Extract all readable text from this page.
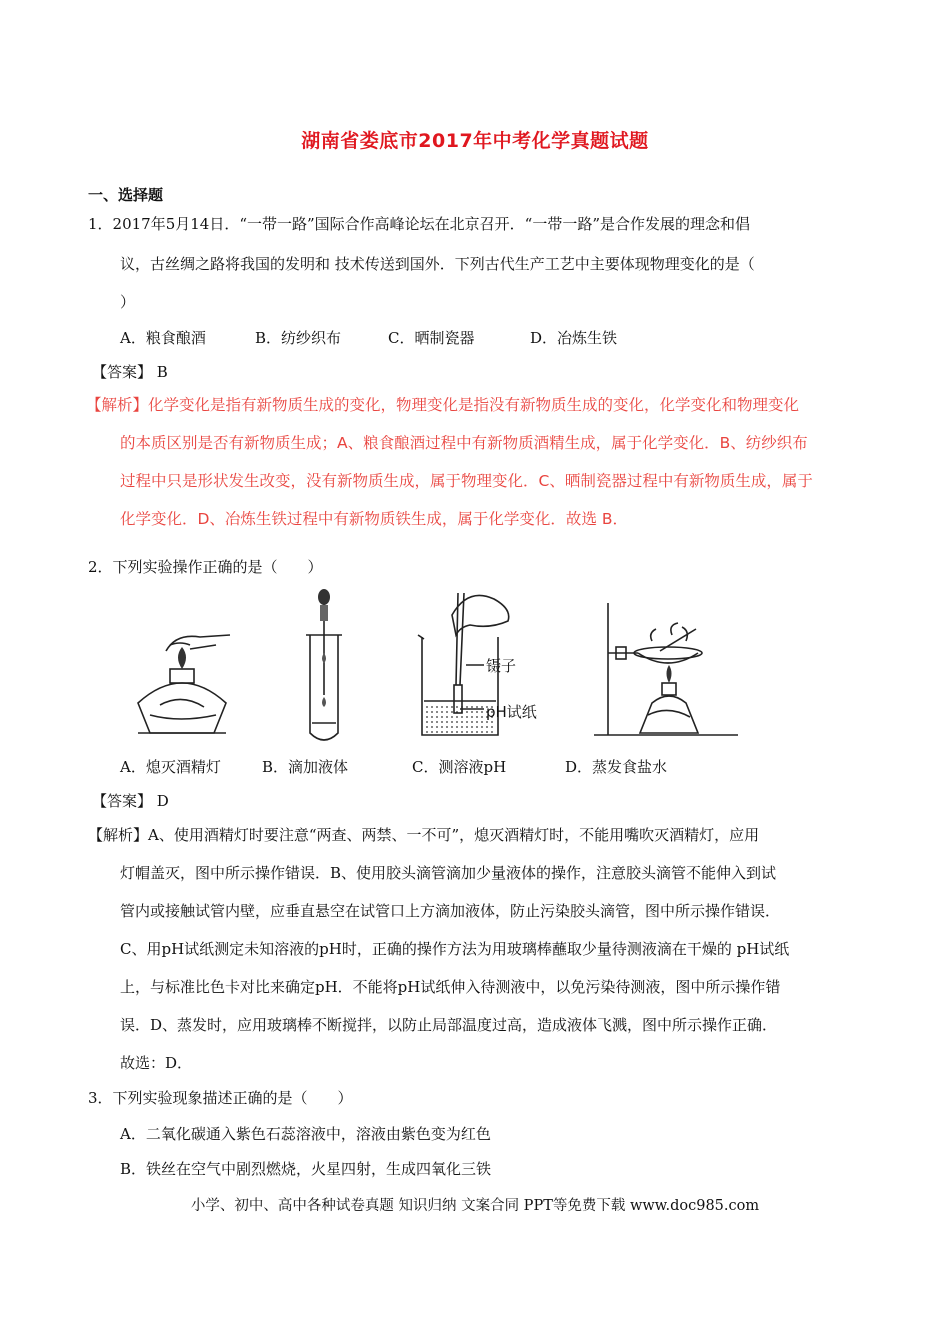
湖南省娄底市2017年中考化学真题试题
一、选择题
1．2017年5月14日．“一带一路”国际合作高峰论坛在北京召开．“一带一路”是合作发展的理念和倡
议，古丝绸之路将我国的发明和 技术传送到国外．下列古代生产工艺中主要体现物理变化的是（
）
A．粮食酿酒	B．纺纱织布	C．晒制瓷器	D．冶炼生铁
【答案】 B
【解析】化学变化是指有新物质生成的变化，物理变化是指没有新物质生成的变化，化学变化和物理变化
的本质区别是否有新物质生成；A、粮食酿酒过程中有新物质酒精生成，属于化学变化．B、纺纱织布
过程中只是形状发生改变，没有新物质生成，属于物理变化．C、晒制瓷器过程中有新物质生成，属于
化学变化．D、冶炼生铁过程中有新物质铁生成，属于化学变化．故选 B．
2．下列实验操作正确的是（　　）
镊子
pH试纸
A．熄灭酒精灯	B．滴加液体	C．测溶液pH	D．蒸发食盐水
【答案】 D
【解析】A、使用酒精灯时要注意“两查、两禁、一不可”，熄灭酒精灯时，不能用嘴吹灭酒精灯，应用
灯帽盖灭，图中所示操作错误．B、使用胶头滴管滴加少量液体的操作，注意胶头滴管不能伸入到试
管内或接触试管内壁，应垂直悬空在试管口上方滴加液体，防止污染胶头滴管，图中所示操作错误．
C、用pH试纸测定未知溶液的pH时，正确的操作方法为用玻璃棒蘸取少量待测液滴在干燥的 pH试纸
上，与标准比色卡对比来确定pH．不能将pH试纸伸入待测液中，以免污染待测液，图中所示操作错
误．D、蒸发时，应用玻璃棒不断搅拌，以防止局部温度过高，造成液体飞溅，图中所示操作正确．
故选：D．
3．下列实验现象描述正确的是（　　）
A．二氧化碳通入紫色石蕊溶液中，溶液由紫色变为红色
B．铁丝在空气中剧烈燃烧，火星四射，生成四氧化三铁
小学、初中、高中各种试卷真题 知识归纳 文案合同 PPT等免费下载 www.doc985.com
